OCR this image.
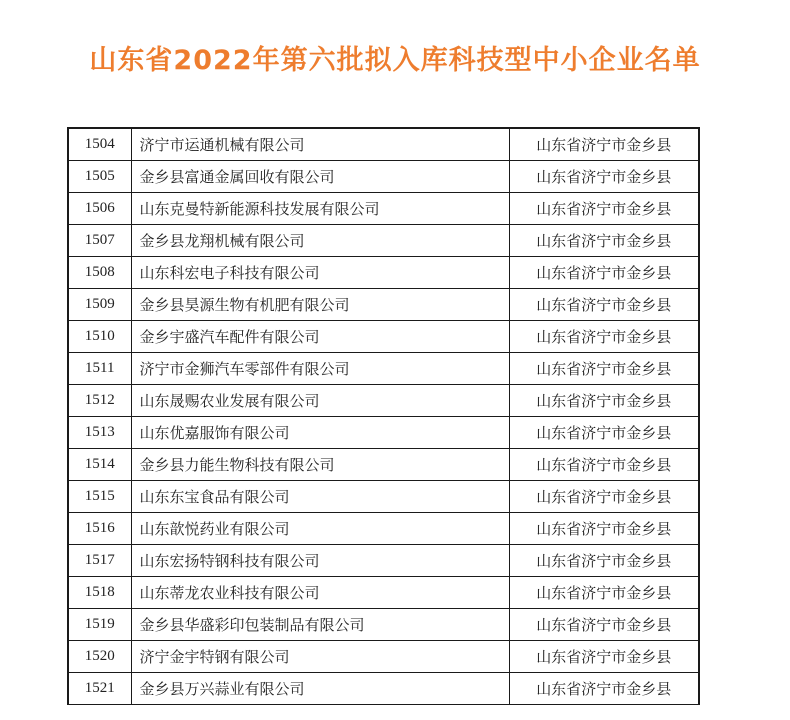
山东省2022年第六批拟入库科技型中小企业名单
1504	济宁市运通机械有限公司	山东省济宁市金乡县
1505	金乡县富通金属回收有限公司	山东省济宁市金乡县
1506	山东克曼特新能源科技发展有限公司	山东省济宁市金乡县
1507	金乡县龙翔机械有限公司	山东省济宁市金乡县
1508	山东科宏电子科技有限公司	山东省济宁市金乡县
1509	金乡县昊源生物有机肥有限公司	山东省济宁市金乡县
1510	金乡宇盛汽车配件有限公司	山东省济宁市金乡县
1511	济宁市金狮汽车零部件有限公司	山东省济宁市金乡县
1512	山东晟赐农业发展有限公司	山东省济宁市金乡县
1513	山东优嘉服饰有限公司	山东省济宁市金乡县
1514	金乡县力能生物科技有限公司	山东省济宁市金乡县
1515	山东东宝食品有限公司	山东省济宁市金乡县
1516	山东歆悦药业有限公司	山东省济宁市金乡县
1517	山东宏扬特钢科技有限公司	山东省济宁市金乡县
1518	山东蒂龙农业科技有限公司	山东省济宁市金乡县
1519	金乡县华盛彩印包装制品有限公司	山东省济宁市金乡县
1520	济宁金宇特钢有限公司	山东省济宁市金乡县
1521	金乡县万兴蒜业有限公司	山东省济宁市金乡县
